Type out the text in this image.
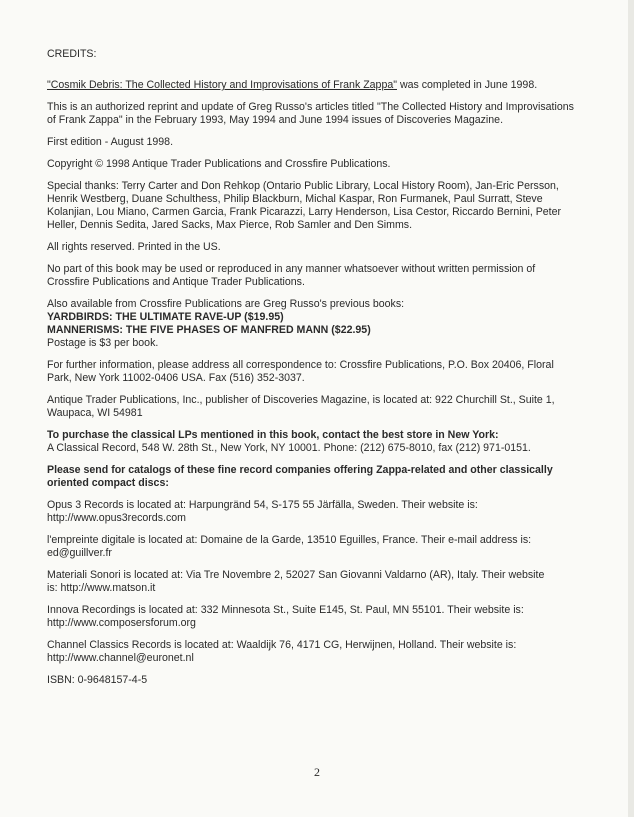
CREDITS:

"Cosmik Debris: The Collected History and Improvisations of Frank Zappa" was completed in June 1998.

This is an authorized reprint and update of Greg Russo's articles titled "The Collected History and Improvisations of Frank Zappa" in the February 1993, May 1994 and June 1994 issues of Discoveries Magazine.

First edition - August 1998.

Copyright © 1998 Antique Trader Publications and Crossfire Publications.

Special thanks: Terry Carter and Don Rehkop (Ontario Public Library, Local History Room), Jan-Eric Persson, Henrik Westberg, Duane Schulthess, Philip Blackburn, Michal Kaspar, Ron Furmanek, Paul Surratt, Steve Kolanjian, Lou Miano, Carmen Garcia, Frank Picarazzi, Larry Henderson, Lisa Cestor, Riccardo Bernini, Peter Heller, Dennis Sedita, Jared Sacks, Max Pierce, Rob Samler and Den Simms.

All rights reserved. Printed in the US.

No part of this book may be used or reproduced in any manner whatsoever without written permission of Crossfire Publications and Antique Trader Publications.

Also available from Crossfire Publications are Greg Russo's previous books:
YARDBIRDS: THE ULTIMATE RAVE-UP ($19.95)
MANNERISMS: THE FIVE PHASES OF MANFRED MANN ($22.95)
Postage is $3 per book.

For further information, please address all correspondence to: Crossfire Publications, P.O. Box 20406, Floral Park, New York 11002-0406 USA. Fax (516) 352-3037.

Antique Trader Publications, Inc., publisher of Discoveries Magazine, is located at: 922 Churchill St., Suite 1, Waupaca, WI 54981

To purchase the classical LPs mentioned in this book, contact the best store in New York:
A Classical Record, 548 W. 28th St., New York, NY 10001. Phone: (212) 675-8010, fax (212) 971-0151.

Please send for catalogs of these fine record companies offering Zappa-related and other classically oriented compact discs:

Opus 3 Records is located at: Harpungränd 54, S-175 55 Järfälla, Sweden. Their website is:
http://www.opus3records.com

l'empreinte digitale is located at: Domaine de la Garde, 13510 Eguilles, France. Their e-mail address is:
ed@guillver.fr

Materiali Sonori is located at: Via Tre Novembre 2, 52027 San Giovanni Valdarno (AR), Italy. Their website
is: http://www.matson.it

Innova Recordings is located at: 332 Minnesota St., Suite E145, St. Paul, MN 55101. Their website is:
http://www.composersforum.org

Channel Classics Records is located at: Waaldijk 76, 4171 CG, Herwijnen, Holland. Their website is:
http://www.channel@euronet.nl

ISBN: 0-9648157-4-5

2
